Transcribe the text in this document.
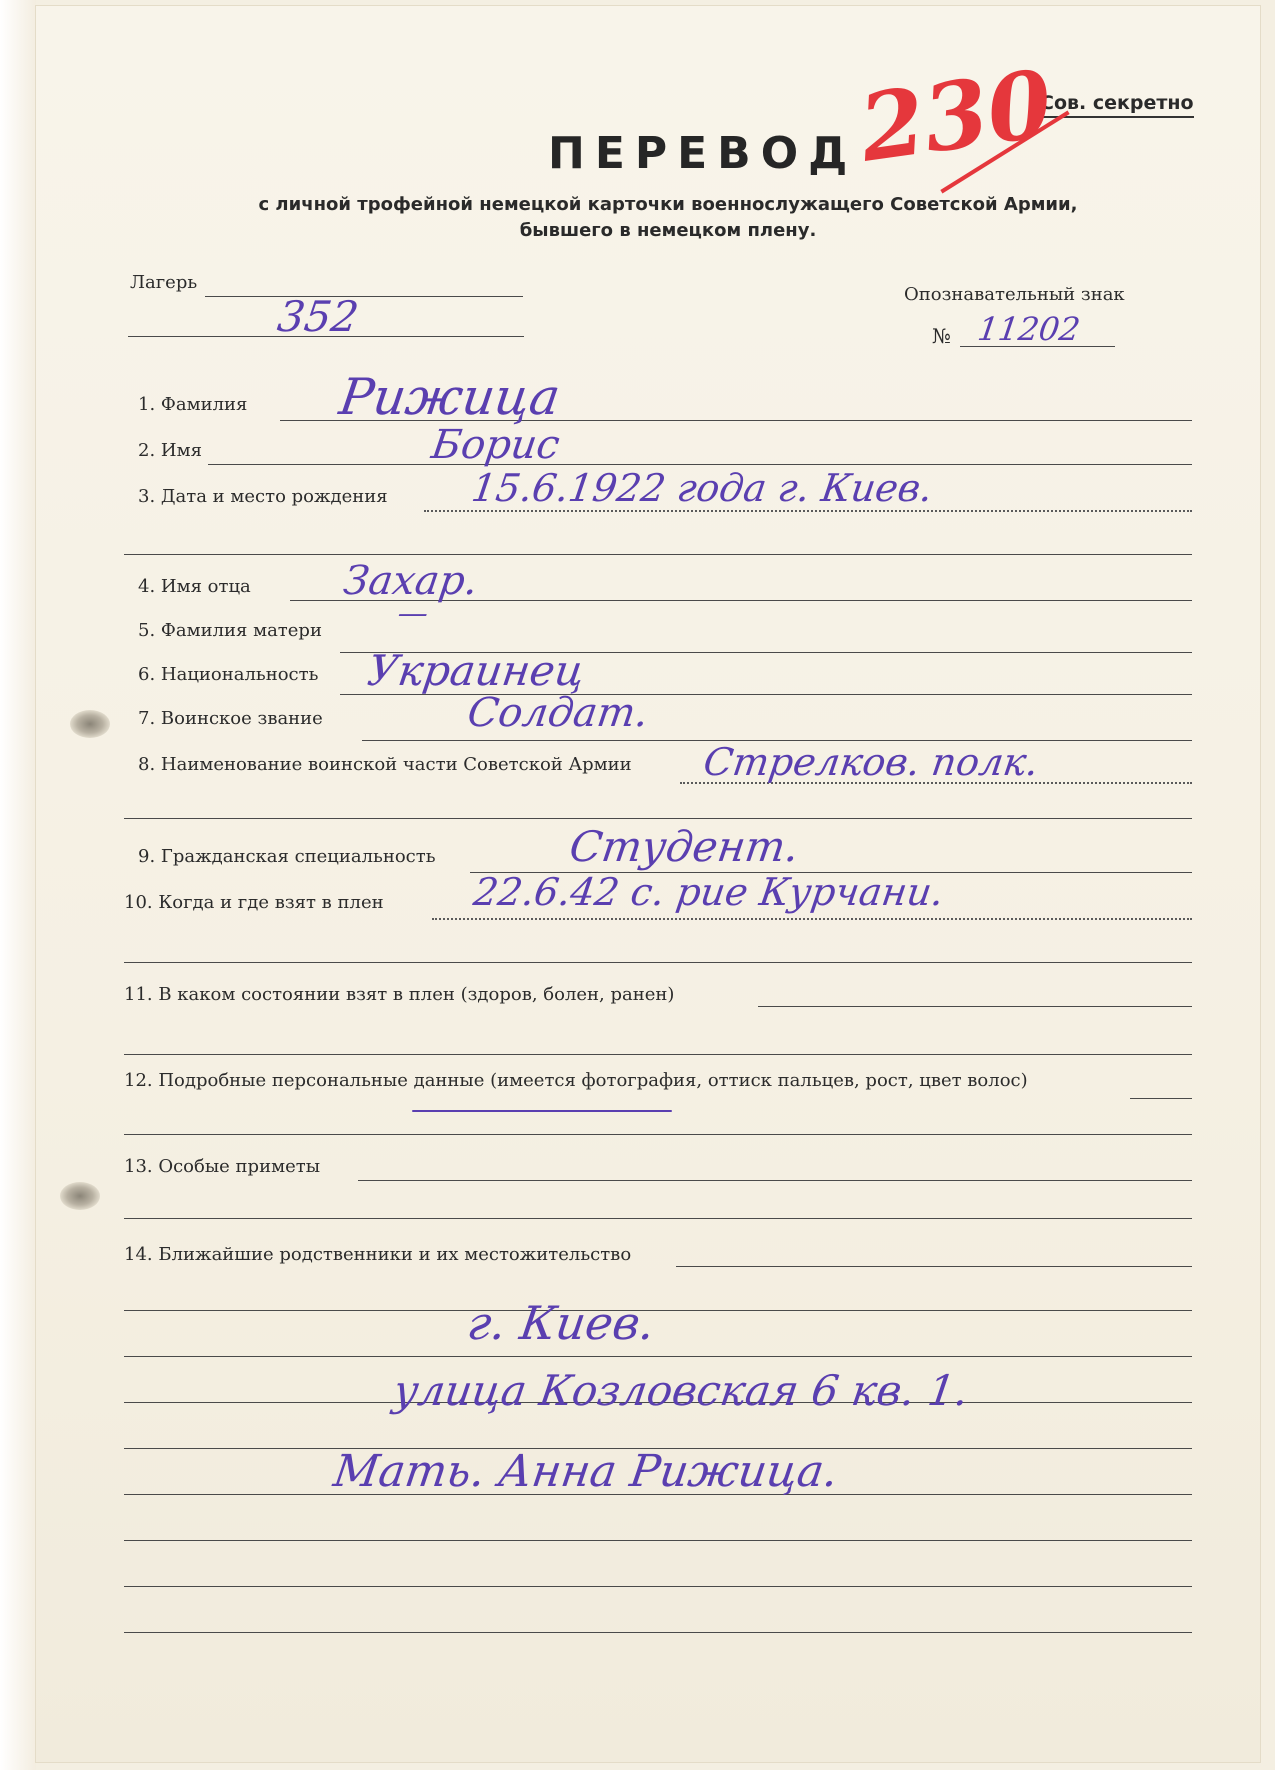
Сов. секретно
ПЕРЕВОД
с личной трофейной немецкой карточки военнослужащего Советской Армии,
бывшего в немецком плену.
230
Лагерь
352	Опознавательный знак
№ 11202
1. Фамилия Рижица
2. Имя	Борис
3. Дата и место рождения 15.6.1922 года г. Киев.
4. Имя отца Захар.
5. Фамилия матери —
6. Национальность Украинец
7. Воинское звание	Солдат.
8. Наименование воинской части Советской Армии Стрелков. полк.
9. Гражданская специальность	Студент.
10. Когда и где взят в плен 22.6.42 с. рие Курчани.
11. В каком состоянии взят в плен (здоров, болен, ранен)
12. Подробные персональные данные (имеется фотография, оттиск пальцев, рост, цвет волос)
13. Особые приметы
14. Ближайшие родственники и их местожительство
г. Киев.
улица Козловская 6 кв. 1.
Мать. Анна Рижица.
